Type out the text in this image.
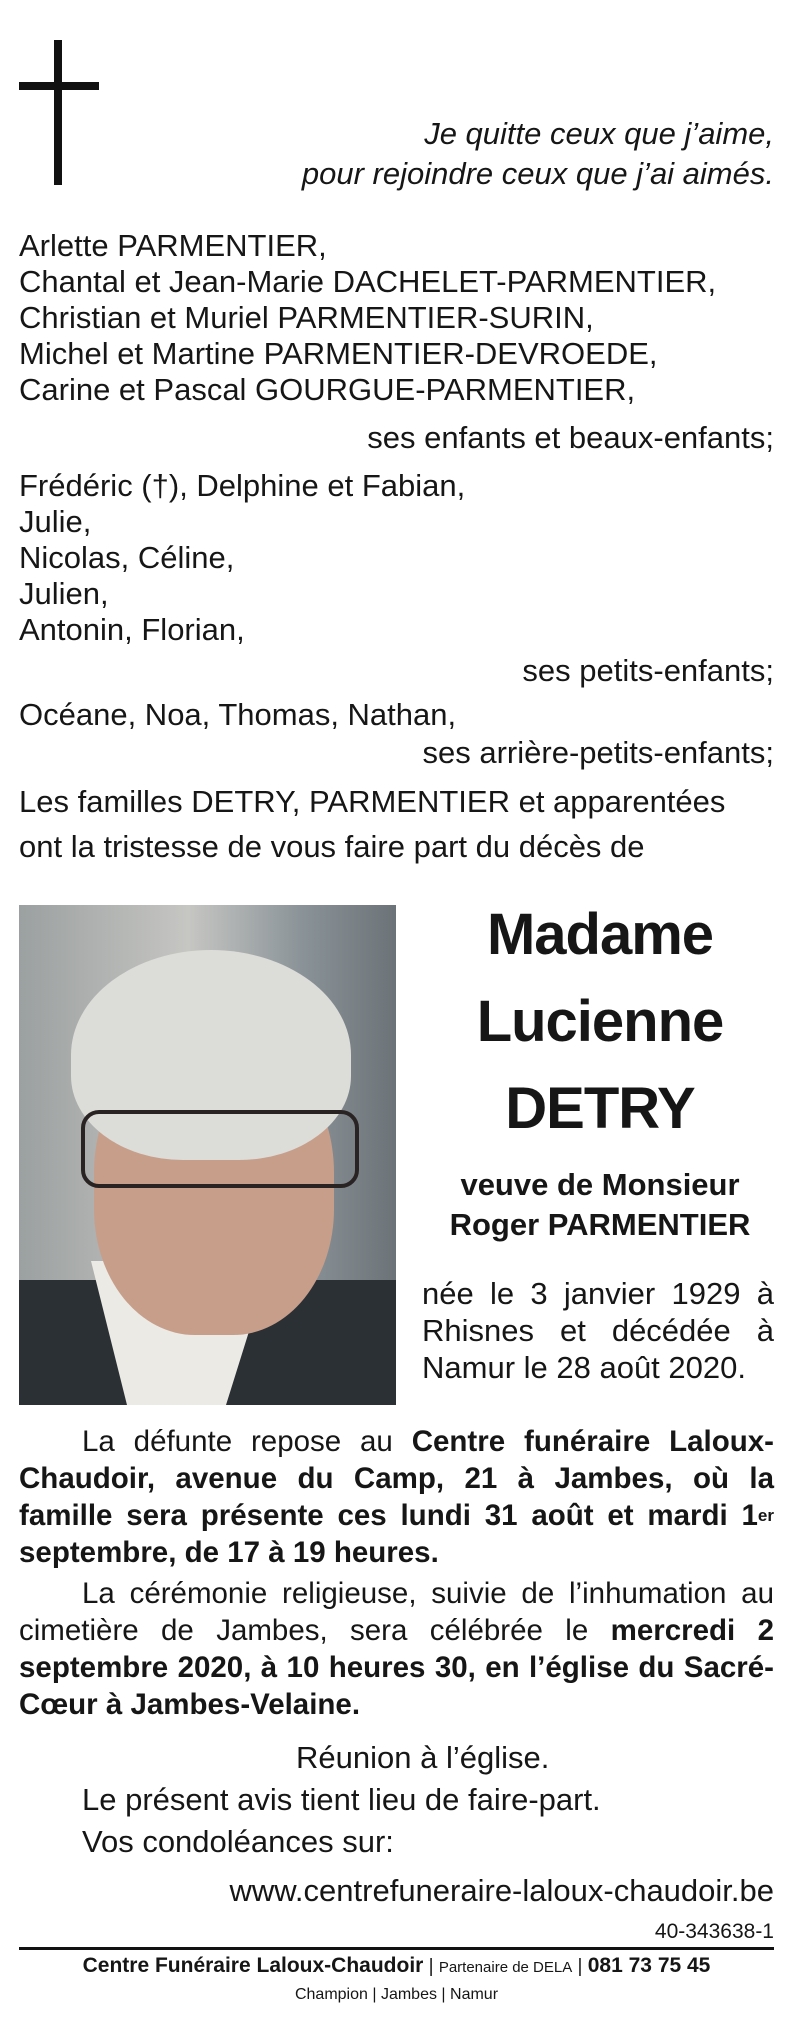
Je quitte ceux que j’aime,
pour rejoindre ceux que j’ai aimés.
Arlette PARMENTIER,
Chantal et Jean-Marie DACHELET-PARMENTIER,
Christian et Muriel PARMENTIER-SURIN,
Michel et Martine PARMENTIER-DEVROEDE,
Carine et Pascal GOURGUE-PARMENTIER,
ses enfants et beaux-enfants;
Frédéric (†), Delphine et Fabian,
Julie,
Nicolas, Céline,
Julien,
Antonin, Florian,
ses petits-enfants;
Océane, Noa, Thomas, Nathan,
ses arrière-petits-enfants;
Les familles DETRY, PARMENTIER et apparentées
ont la tristesse de vous faire part du décès de
Madame
Lucienne
DETRY
veuve de Monsieur
Roger PARMENTIER
née le 3 janvier 1929 à
Rhisnes et décédée à
Namur le 28 août 2020.
La défunte repose au Centre funéraire Laloux-Chaudoir, avenue du Camp, 21 à Jambes, où la famille sera présente ces lundi 31 août et mardi 1er septembre, de 17 à 19 heures.
La cérémonie religieuse, suivie de l’inhumation au cimetière de Jambes, sera célébrée le mercredi 2 septembre 2020, à 10 heures 30, en l’église du Sacré-Cœur à Jambes-Velaine.
Réunion à l’église.
Le présent avis tient lieu de faire-part.
Vos condoléances sur:
www.centrefuneraire-laloux-chaudoir.be
40-343638-1
Centre Funéraire Laloux-Chaudoir | Partenaire de DELA | 081 73 75 45
Champion | Jambes | Namur
